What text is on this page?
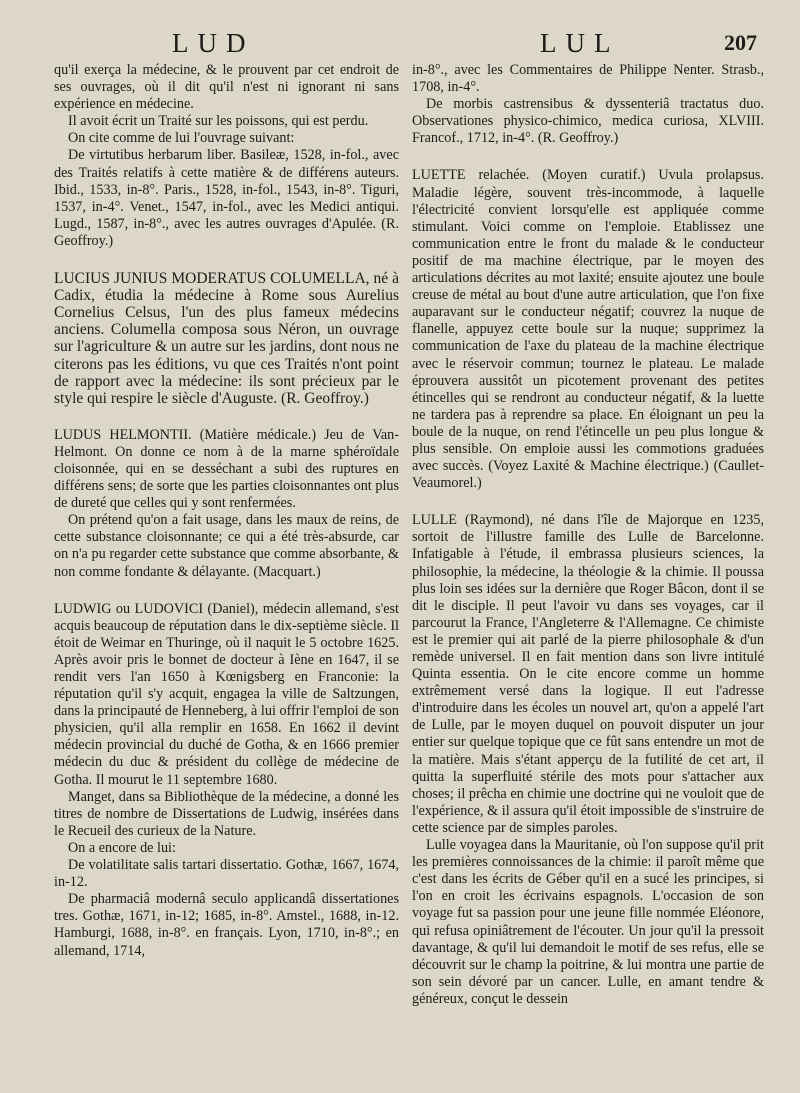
LUD	LUL	207

qu'il exerça la médecine, & le prouvent par cet endroit de ses ouvrages, où il dit qu'il n'est ni ignorant ni sans expérience en médecine.

Il avoit écrit un Traité sur les poissons, qui est perdu.

On cite comme de lui l'ouvrage suivant:

De virtutibus herbarum liber. Basileæ, 1528, in-fol., avec des Traités relatifs à cette matière & de différens auteurs. Ibid., 1533, in-8°. Paris., 1528, in-fol., 1543, in-8°. Tiguri, 1537, in-4°. Venet., 1547, in-fol., avec les Medici antiqui. Lugd., 1587, in-8°., avec les autres ouvrages d'Apulée. (R. Geoffroy.)

LUCIUS JUNIUS MODERATUS COLUMELLA, né à Cadix, étudia la médecine à Rome sous Aurelius Cornelius Celsus, l'un des plus fameux médecins anciens. Columella composa sous Néron, un ouvrage sur l'agriculture & un autre sur les jardins, dont nous ne citerons pas les éditions, vu que ces Traités n'ont point de rapport avec la médecine: ils sont précieux par le style qui respire le siècle d'Auguste. (R. Geoffroy.)

LUDUS HELMONTII. (Matière médicale.) Jeu de Van-Helmont. On donne ce nom à de la marne sphéroïdale cloisonnée, qui en se desséchant a subi des ruptures en différens sens; de sorte que les parties cloisonnantes ont plus de dureté que celles qui y sont renfermées.

On prétend qu'on a fait usage, dans les maux de reins, de cette substance cloisonnante; ce qui a été très-absurde, car on n'a pu regarder cette substance que comme absorbante, & non comme fondante & délayante. (Macquart.)

LUDWIG ou LUDOVICI (Daniel), médecin allemand, s'est acquis beaucoup de réputation dans le dix-septième siècle. Il étoit de Weimar en Thuringe, où il naquit le 5 octobre 1625. Après avoir pris le bonnet de docteur à Iène en 1647, il se rendit vers l'an 1650 à Kœnigsberg en Franconie: la réputation qu'il s'y acquit, engagea la ville de Saltzungen, dans la principauté de Henneberg, à lui offrir l'emploi de son physicien, qu'il alla remplir en 1658. En 1662 il devint médecin provincial du duché de Gotha, & en 1666 premier médecin du duc & président du collège de médecine de Gotha. Il mourut le 11 septembre 1680.

Manget, dans sa Bibliothèque de la médecine, a donné les titres de nombre de Dissertations de Ludwig, insérées dans le Recueil des curieux de la Nature.

On a encore de lui:

De volatilitate salis tartari dissertatio. Gothæ, 1667, 1674, in-12.

De pharmaciâ modernâ seculo applicandâ dissertationes tres. Gothæ, 1671, in-12; 1685, in-8°. Amstel., 1688, in-12. Hamburgi, 1688, in-8°. en français. Lyon, 1710, in-8°.; en allemand, 1714,

in-8°., avec les Commentaires de Philippe Nenter. Strasb., 1708, in-4°.

De morbis castrensibus & dyssenteriâ tractatus duo. Observationes physico-chimico, medica curiosa, XLVIII. Francof., 1712, in-4°. (R. Geoffroy.)

LUETTE relachée. (Moyen curatif.) Uvula prolapsus. Maladie légère, souvent très-incommode, à laquelle l'électricité convient lorsqu'elle est appliquée comme stimulant. Voici comme on l'emploie. Etablissez une communication entre le front du malade & le conducteur positif de ma machine électrique, par le moyen des articulations décrites au mot laxité; ensuite ajoutez une boule creuse de métal au bout d'une autre articulation, que l'on fixe auparavant sur le conducteur négatif; couvrez la nuque de flanelle, appuyez cette boule sur la nuque; supprimez la communication de l'axe du plateau de la machine électrique avec le réservoir commun; tournez le plateau. Le malade éprouvera aussitôt un picotement provenant des petites étincelles qui se rendront au conducteur négatif, & la luette ne tardera pas à reprendre sa place. En éloignant un peu la boule de la nuque, on rend l'étincelle un peu plus longue & plus sensible. On emploie aussi les commotions graduées avec succès. (Voyez Laxité & Machine électrique.) (Caullet-Veaumorel.)

LULLE (Raymond), né dans l'île de Majorque en 1235, sortoit de l'illustre famille des Lulle de Barcelonne. Infatigable à l'étude, il embrassa plusieurs sciences, la philosophie, la médecine, la théologie & la chimie. Il poussa plus loin ses idées sur la dernière que Roger Bâcon, dont il se dit le disciple. Il peut l'avoir vu dans ses voyages, car il parcourut la France, l'Angleterre & l'Allemagne. Ce chimiste est le premier qui ait parlé de la pierre philosophale & d'un remède universel. Il en fait mention dans son livre intitulé Quinta essentia. On le cite encore comme un homme extrêmement versé dans la logique. Il eut l'adresse d'introduire dans les écoles un nouvel art, qu'on a appelé l'art de Lulle, par le moyen duquel on pouvoit disputer un jour entier sur quelque topique que ce fût sans entendre un mot de la matière. Mais s'étant apperçu de la futilité de cet art, il quitta la superfluité stérile des mots pour s'attacher aux choses; il prêcha en chimie une doctrine qui ne vouloit que de l'expérience, & il assura qu'il étoit impossible de s'instruire de cette science par de simples paroles.

Lulle voyagea dans la Mauritanie, où l'on suppose qu'il prit les premières connoissances de la chimie: il paroît même que c'est dans les écrits de Géber qu'il en a sucé les principes, si l'on en croit les écrivains espagnols. L'occasion de son voyage fut sa passion pour une jeune fille nommée Eléonore, qui refusa opiniâtrement de l'écouter. Un jour qu'il la pressoit davantage, & qu'il lui demandoit le motif de ses refus, elle se découvrit sur le champ la poitrine, & lui montra une partie de son sein dévoré par un cancer. Lulle, en amant tendre & généreux, conçut le dessein
